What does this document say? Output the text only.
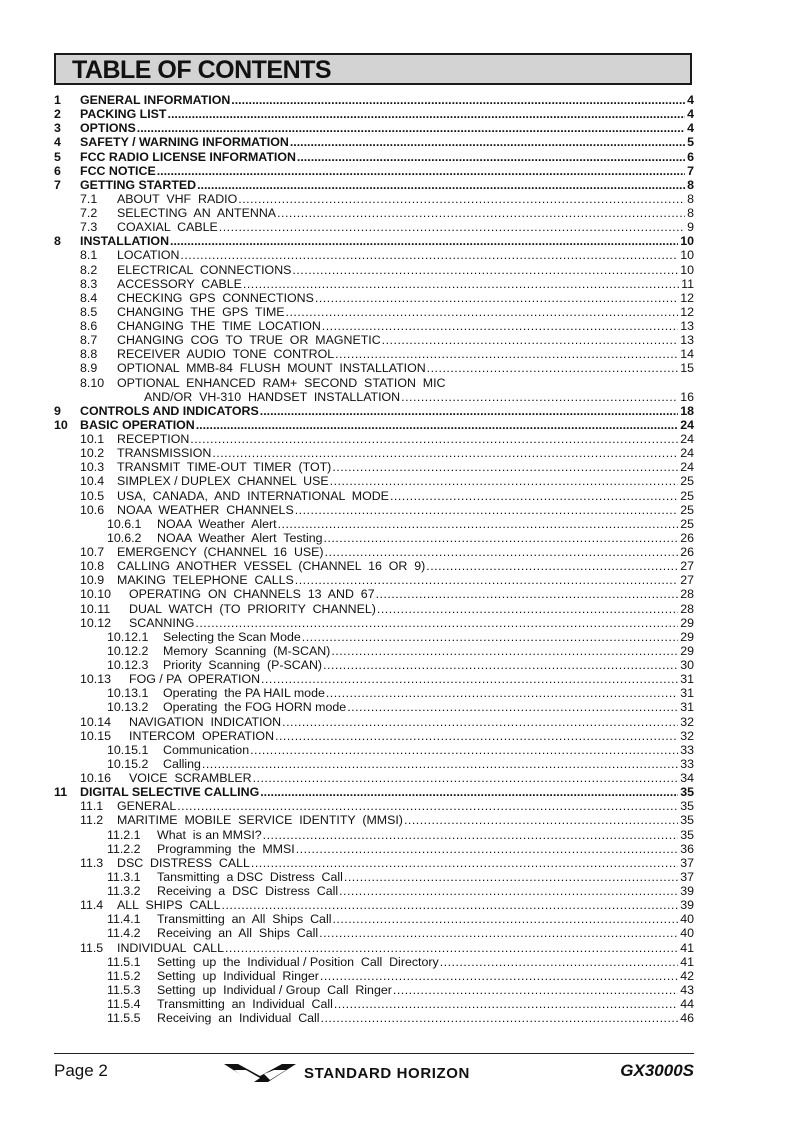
TABLE OF CONTENTS
1 GENERAL INFORMATION .....	4
2 PACKING LIST .....	4
3 OPTIONS .....	4
4 SAFETY / WARNING INFORMATION .....	5
5 FCC RADIO LICENSE INFORMATION .....	6
6 FCC NOTICE .....	7
7 GETTING STARTED .....	8
7.1 ABOUT  VHF  RADIO .....	8
7.2 SELECTING  AN  ANTENNA .....	8
7.3 COAXIAL  CABLE .....	9
8 INSTALLATION .....	10
8.1 LOCATION .....	10
8.2 ELECTRICAL  CONNECTIONS .....	10
8.3 ACCESSORY  CABLE .....	11
8.4 CHECKING  GPS  CONNECTIONS .....	12
8.5 CHANGING  THE  GPS  TIME .....	12
8.6 CHANGING  THE  TIME  LOCATION .....	13
8.7 CHANGING  COG  TO  TRUE  OR  MAGNETIC .....	13
8.8 RECEIVER  AUDIO  TONE  CONTROL .....	14
8.9 OPTIONAL  MMB-84  FLUSH  MOUNT  INSTALLATION .....	15
8.10 OPTIONAL  ENHANCED  RAM+  SECOND  STATION  MIC
AND/OR  VH-310  HANDSET  INSTALLATION .....	16
9 CONTROLS AND INDICATORS .....	18
10 BASIC OPERATION .....	24
10.1 RECEPTION .....	24
10.2 TRANSMISSION .....	24
10.3 TRANSMIT  TIME-OUT  TIMER  (TOT) .....	24
10.4 SIMPLEX / DUPLEX  CHANNEL  USE .....	25
10.5 USA,  CANADA,  AND  INTERNATIONAL  MODE .....	25
10.6 NOAA  WEATHER  CHANNELS .....	25
10.6.1 NOAA  Weather  Alert .....	25
10.6.2 NOAA  Weather  Alert  Testing .....	26
10.7 EMERGENCY  (CHANNEL  16  USE) .....	26
10.8 CALLING  ANOTHER  VESSEL  (CHANNEL  16  OR  9) .....	27
10.9 MAKING  TELEPHONE  CALLS .....	27
10.10 OPERATING  ON  CHANNELS  13  AND  67 .....	28
10.11 DUAL  WATCH  (TO  PRIORITY  CHANNEL) .....	28
10.12 SCANNING .....	29
10.12.1 Selecting the Scan Mode .....	29
10.12.2 Memory  Scanning  (M-SCAN) .....	29
10.12.3 Priority  Scanning  (P-SCAN) .....	30
10.13 FOG / PA  OPERATION .....	31
10.13.1 Operating  the PA HAIL mode .....	31
10.13.2 Operating  the FOG HORN mode .....	31
10.14 NAVIGATION  INDICATION .....	32
10.15 INTERCOM  OPERATION .....	32
10.15.1 Communication .....	33
10.15.2 Calling .....	33
10.16 VOICE  SCRAMBLER .....	34
11 DIGITAL SELECTIVE CALLING .....	35
11.1 GENERAL .....	35
11.2 MARITIME  MOBILE  SERVICE  IDENTITY  (MMSI) .....	35
11.2.1 What  is an MMSI? .....	35
11.2.2 Programming  the  MMSI .....	36
11.3 DSC  DISTRESS  CALL .....	37
11.3.1 Tansmitting  a DSC  Distress  Call .....	37
11.3.2 Receiving  a  DSC  Distress  Call .....	39
11.4 ALL  SHIPS  CALL .....	39
11.4.1 Transmitting  an  All  Ships  Call .....	40
11.4.2 Receiving  an  All  Ships  Call .....	40
11.5 INDIVIDUAL  CALL .....	41
11.5.1 Setting  up  the  Individual / Position  Call  Directory .....	41
11.5.2 Setting  up  Individual  Ringer .....	42
11.5.3 Setting  up  Individual / Group  Call  Ringer .....	43
11.5.4 Transmitting  an  Individual  Call .....	44
11.5.5 Receiving  an  Individual  Call .....	46
Page 2	STANDARD HORIZON	GX3000S
